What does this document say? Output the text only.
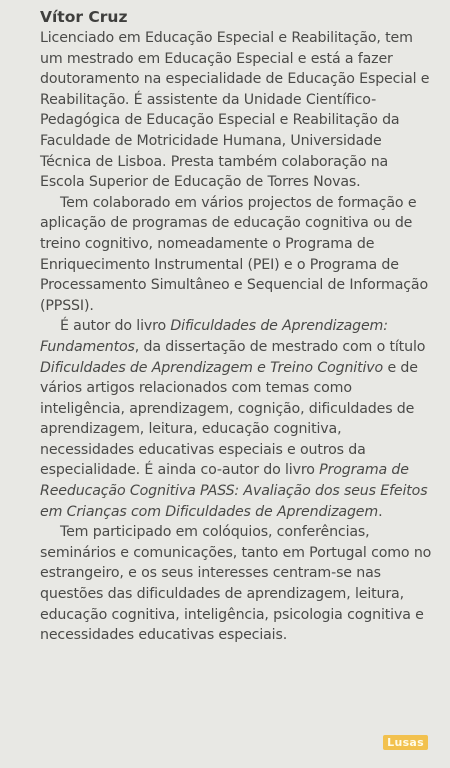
Vítor Cruz

Licenciado em Educação Especial e Reabilitação, tem um mestrado em Educação Especial e está a fazer doutoramento na especialidade de Educação Especial e Reabilitação. É assistente da Unidade Científico-Pedagógica de Educação Especial e Reabilitação da Faculdade de Motricidade Humana, Universidade Técnica de Lisboa. Presta também colaboração na Escola Superior de Educação de Torres Novas.

Tem colaborado em vários projectos de formação e aplicação de programas de educação cognitiva ou de treino cognitivo, nomeadamente o Programa de Enriquecimento Instrumental (PEI) e o Programa de Processamento Simultâneo e Sequencial de Informação (PPSSI).

É autor do livro Dificuldades de Aprendizagem: Fundamentos, da dissertação de mestrado com o título Dificuldades de Aprendizagem e Treino Cognitivo e de vários artigos relacionados com temas como inteligência, aprendizagem, cognição, dificuldades de aprendizagem, leitura, educação cognitiva, necessidades educativas especiais e outros da especialidade. É ainda co-autor do livro Programa de Reeducação Cognitiva PASS: Avaliação dos seus Efeitos em Crianças com Dificuldades de Aprendizagem.

Tem participado em colóquios, conferências, seminários e comunicações, tanto em Portugal como no estrangeiro, e os seus interesses centram-se nas questões das dificuldades de aprendizagem, leitura, educação cognitiva, inteligência, psicologia cognitiva e necessidades educativas especiais.

Lusas
